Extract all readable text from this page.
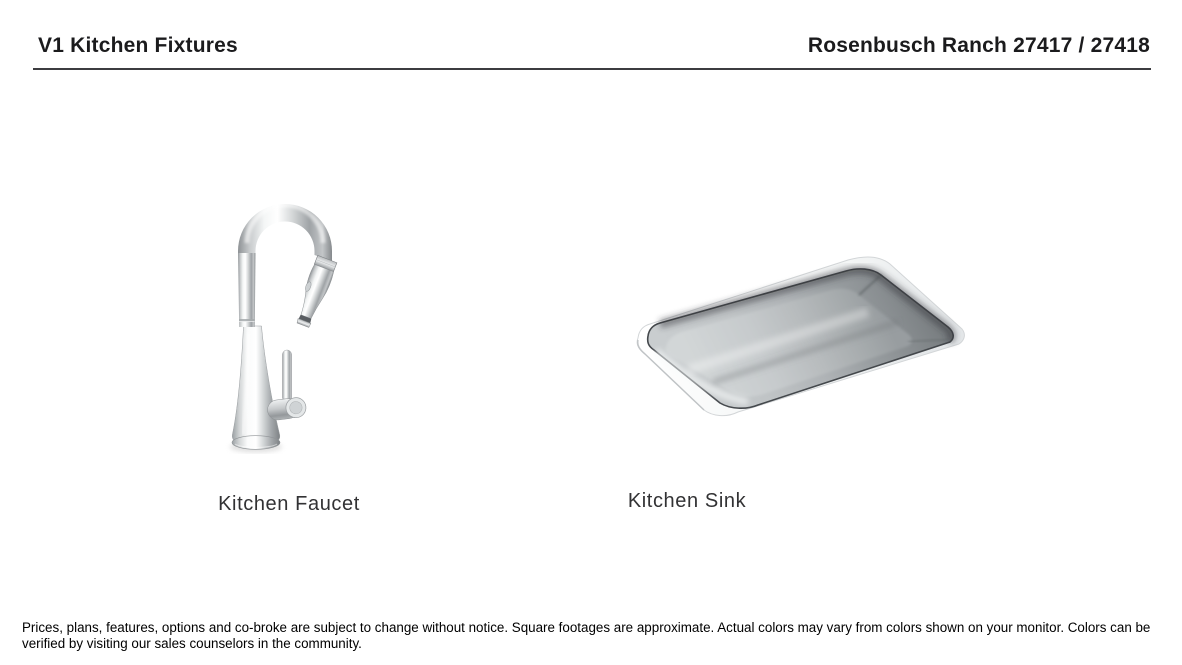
V1 Kitchen Fixtures	Rosenbusch Ranch 27417 / 27418
Kitchen Faucet	Kitchen Sink
Prices, plans, features, options and co-broke are subject to change without notice. Square footages are approximate. Actual colors may vary from colors shown on your monitor. Colors can be verified by visiting our sales counselors in the community.
